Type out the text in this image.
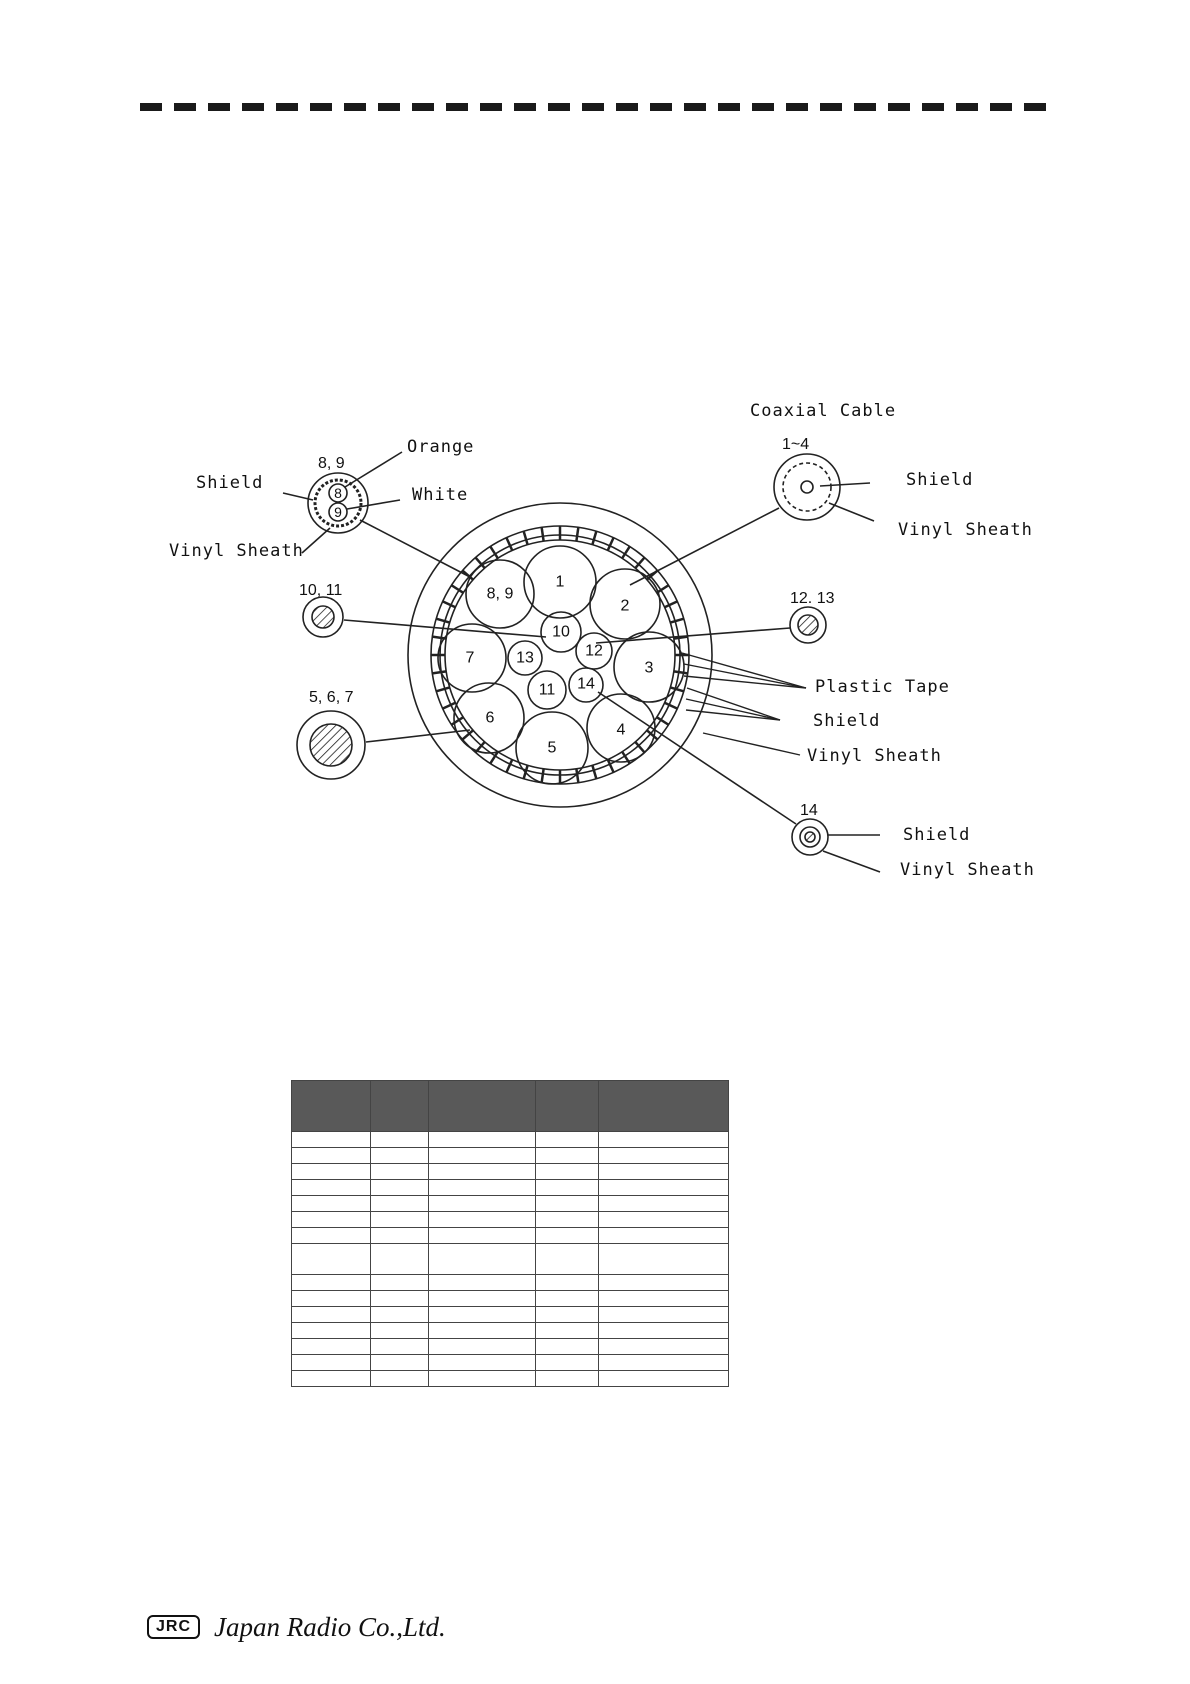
1
2
3
4
5
6
7
8, 9
10
11
12
13
14
Coaxial Cable
1~4
Shield
Vinyl Sheath
8
9
8, 9
Orange
White
Shield
Vinyl Sheath
10, 11	12. 13
5, 6, 7
14
Shield
Vinyl Sheath
Plastic Tape
Shield
Vinyl Sheath

JRC Japan Radio Co.,Ltd.
